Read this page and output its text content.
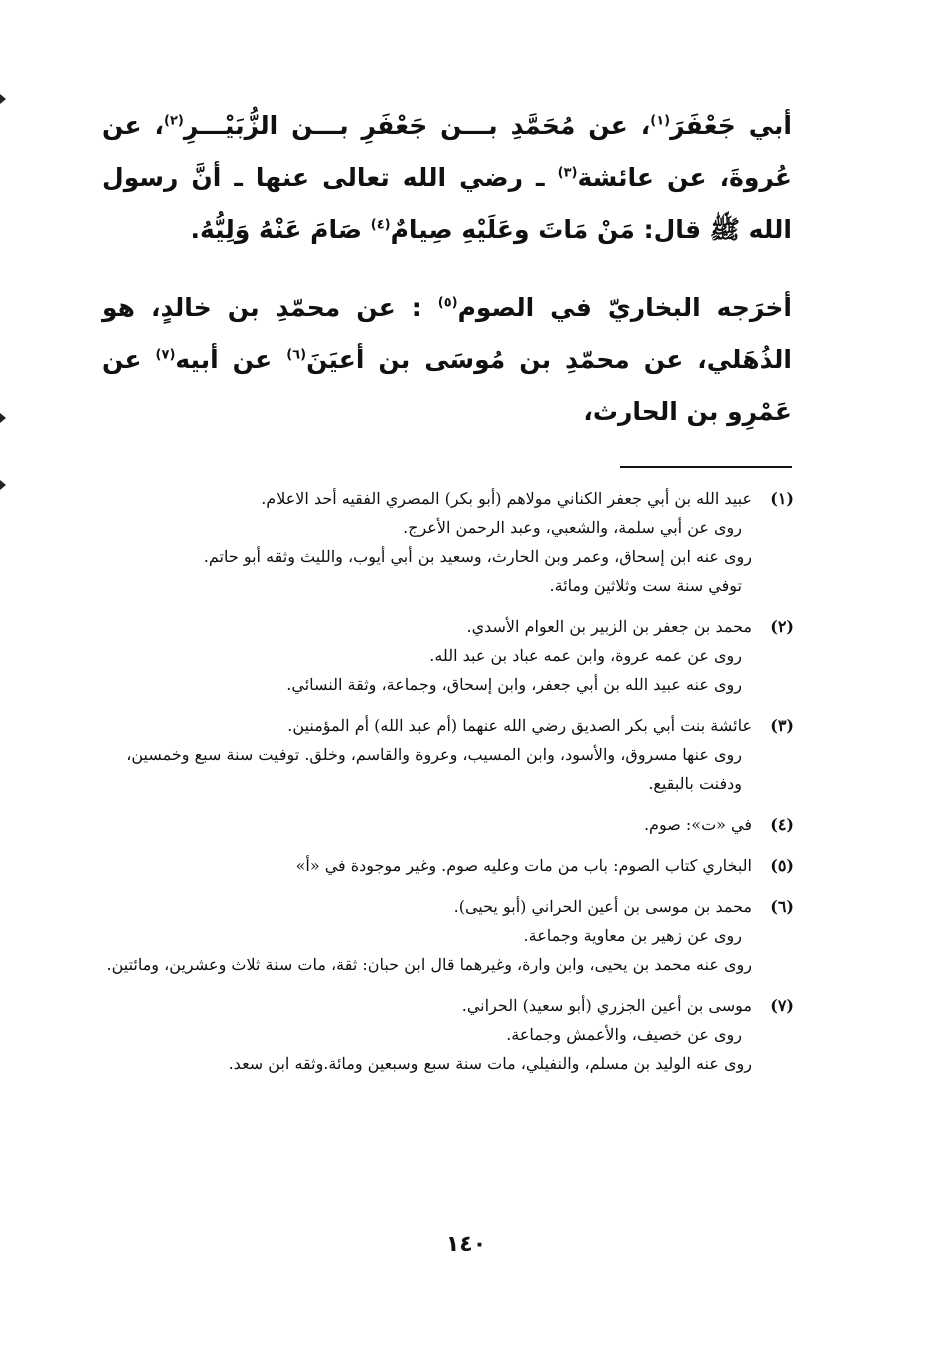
أبي جَعْفَرَ$^{(١)}$، عن مُحَمَّدِ بـــن جَعْفَرِ بـــن الزُّبَيْـــرِ$^{(٢)}$، عن عُروةَ، عن عائشة$^{(٣)}$ ـ رضي الله تعالى عنها ـ أنَّ رسول الله ﷺ قال: مَنْ مَاتَ وعَلَيْهِ صِيامٌ$^{(٤)}$ صَامَ عَنْهُ وَلِيُّهُ.
أخرَجه البخاريّ في الصوم$^{(٥)}$ : عن محمّدِ بن خالدٍ، هو الذُهَلي، عن محمّدِ بن مُوسَى بن أعيَنَ$^{(٦)}$ عن أبيه$^{(٧)}$ عن عَمْرِو بن الحارث،
(١)
عبيد الله بن أبي جعفر الكناني مولاهم (أبو بكر) المصري الفقيه أحد الاعلام.
روى عن أبي سلمة، والشعبي، وعبد الرحمن الأعرج.
روى عنه ابن إسحاق، وعمر وبن الحارث، وسعيد بن أبي أيوب، والليث وثقه أبو حاتم.
توفي سنة ست وثلاثين ومائة.
(٢)
محمد بن جعفر بن الزبير بن العوام الأسدي.
روى عن عمه عروة، وابن عمه عباد بن عبد الله.
روى عنه عبيد الله بن أبي جعفر، وابن إسحاق، وجماعة، وثقة النسائي.
(٣)
عائشة بنت أبي بكر الصديق رضي الله عنهما (أم عبد الله) أم المؤمنين.
روى عنها مسروق، والأسود، وابن المسيب، وعروة والقاسم، وخلق. توفيت سنة سبع وخمسين، ودفنت بالبقيع.
(٤)
في «ت»: صوم.
(٥)
البخاري كتاب الصوم: باب من مات وعليه صوم. وغير موجودة في «أ»
(٦)
محمد بن موسى بن أعين الحراني (أبو يحيى).
روى عن زهير بن معاوية وجماعة.
روى عنه محمد بن يحيى، وابن وارة، وغيرهما قال ابن حبان: ثقة، مات سنة ثلاث وعشرين، ومائتين.
(٧)
موسى بن أعين الجزري (أبو سعيد) الحراني.
روى عن خصيف، والأعمش وجماعة.
روى عنه الوليد بن مسلم، والنفيلي، مات سنة سبع وسبعين ومائة.وثقه ابن سعد.
١٤٠
